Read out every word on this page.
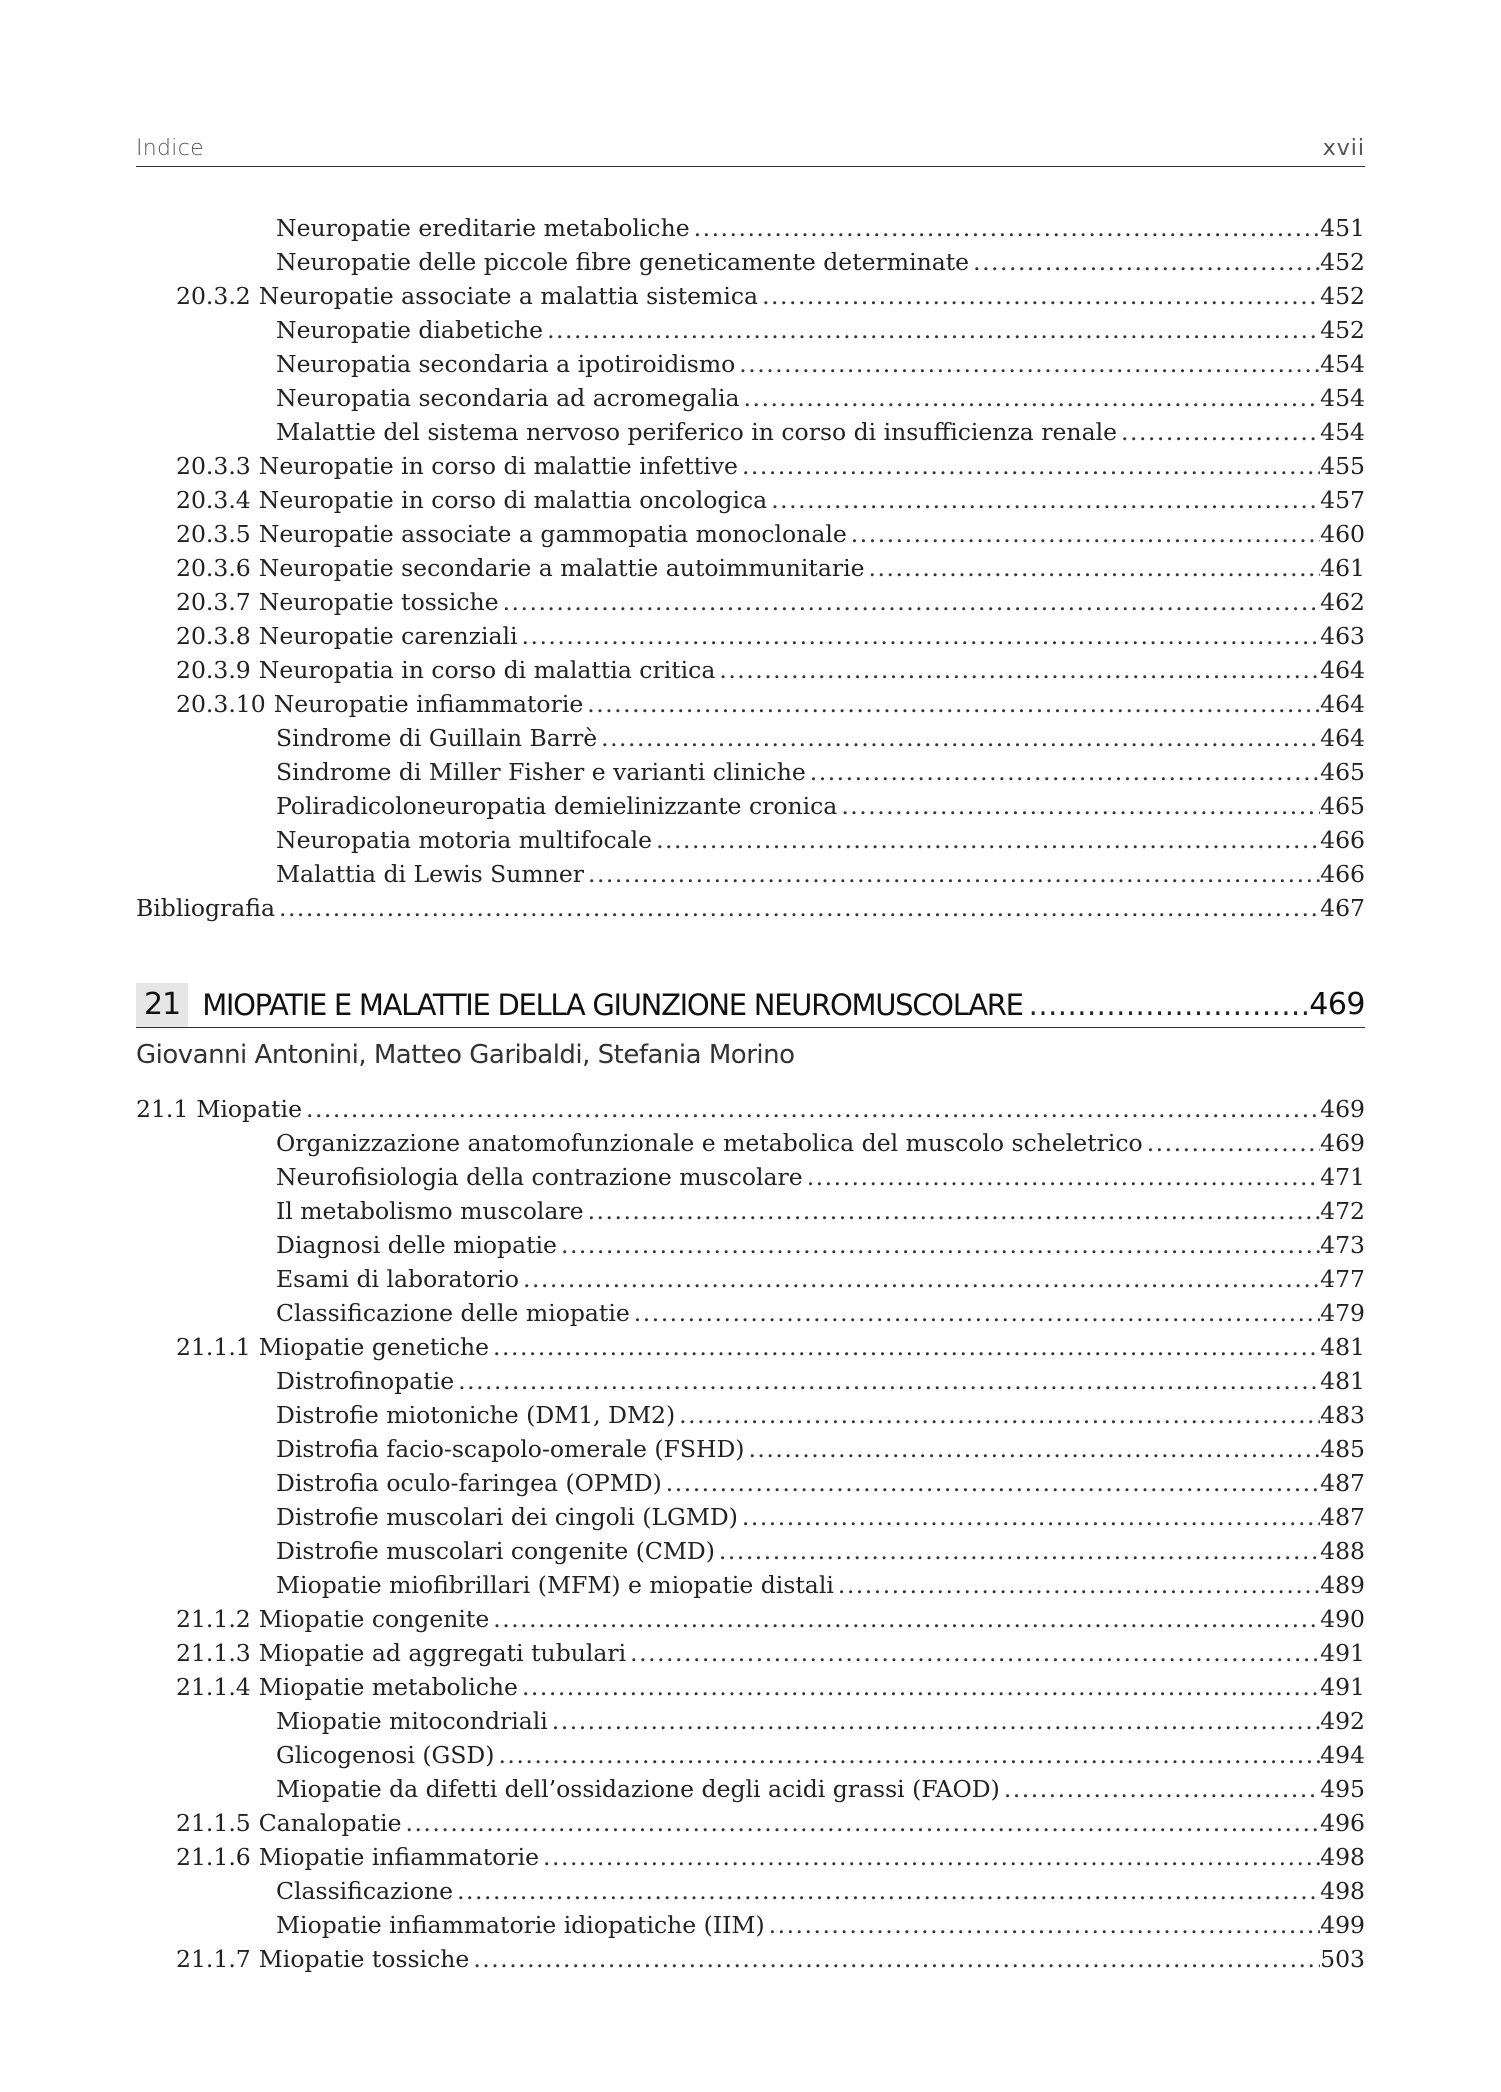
Indice	xvii
Neuropatie ereditarie metaboliche .....	451
Neuropatie delle piccole fibre geneticamente determinate .....	452
20.3.2 Neuropatie associate a malattia sistemica .....	452
Neuropatie diabetiche .....	452
Neuropatia secondaria a ipotiroidismo .....	454
Neuropatia secondaria ad acromegalia .....	454
Malattie del sistema nervoso periferico in corso di insufficienza renale .....	454
20.3.3 Neuropatie in corso di malattie infettive .....	455
20.3.4 Neuropatie in corso di malattia oncologica .....	457
20.3.5 Neuropatie associate a gammopatia monoclonale .....	460
20.3.6 Neuropatie secondarie a malattie autoimmunitarie .....	461
20.3.7 Neuropatie tossiche .....	462
20.3.8 Neuropatie carenziali .....	463
20.3.9 Neuropatia in corso di malattia critica .....	464
20.3.10 Neuropatie infiammatorie .....	464
Sindrome di Guillain Barrè .....	464
Sindrome di Miller Fisher e varianti cliniche .....	465
Poliradicoloneuropatia demielinizzante cronica .....	465
Neuropatia motoria multifocale .....	466
Malattia di Lewis Sumner .....	466
Bibliografia .....	467
21 MIOPATIE E MALATTIE DELLA GIUNZIONE NEUROMUSCOLARE .....	469
Giovanni Antonini, Matteo Garibaldi, Stefania Morino
21.1 Miopatie .....	469
Organizzazione anatomofunzionale e metabolica del muscolo scheletrico .....	469
Neurofisiologia della contrazione muscolare .....	471
Il metabolismo muscolare .....	472
Diagnosi delle miopatie .....	473
Esami di laboratorio .....	477
Classificazione delle miopatie .....	479
21.1.1 Miopatie genetiche .....	481
Distrofinopatie .....	481
Distrofie miotoniche (DM1, DM2) .....	483
Distrofia facio-scapolo-omerale (FSHD) .....	485
Distrofia oculo-faringea (OPMD) .....	487
Distrofie muscolari dei cingoli (LGMD) .....	487
Distrofie muscolari congenite (CMD) .....	488
Miopatie miofibrillari (MFM) e miopatie distali .....	489
21.1.2 Miopatie congenite .....	490
21.1.3 Miopatie ad aggregati tubulari .....	491
21.1.4 Miopatie metaboliche .....	491
Miopatie mitocondriali .....	492
Glicogenosi (GSD) .....	494
Miopatie da difetti dell’ossidazione degli acidi grassi (FAOD) .....	495
21.1.5 Canalopatie .....	496
21.1.6 Miopatie infiammatorie .....	498
Classificazione .....	498
Miopatie infiammatorie idiopatiche (IIM) .....	499
21.1.7 Miopatie tossiche .....	503
